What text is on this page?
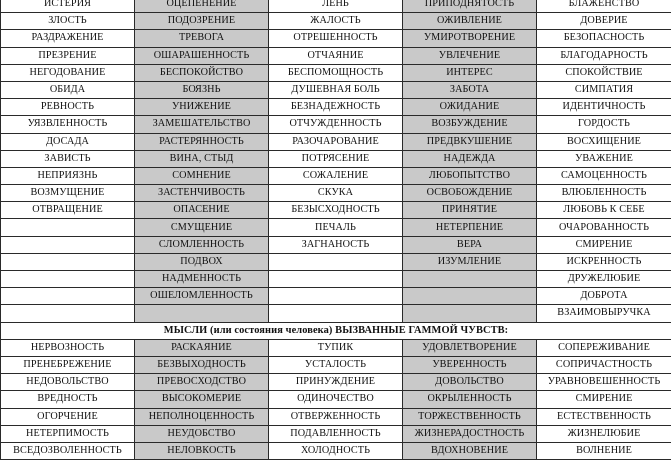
ИСТЕРИЯ	ОЦЕПЕНЕНИЕ	ЛЕНЬ	ПРИПОДНЯТОСТЬ	БЛАЖЕНСТВО
ЗЛОСТЬ	ПОДОЗРЕНИЕ	ЖАЛОСТЬ	ОЖИВЛЕНИЕ	ДОВЕРИЕ
РАЗДРАЖЕНИЕ	ТРЕВОГА	ОТРЕШЕННОСТЬ	УМИРОТВОРЕНИЕ	БЕЗОПАСНОСТЬ
ПРЕЗРЕНИЕ	ОШАРАШЕННОСТЬ	ОТЧАЯНИЕ	УВЛЕЧЕНИЕ	БЛАГОДАРНОСТЬ
НЕГОДОВАНИЕ	БЕСПОКОЙСТВО	БЕСПОМОЩНОСТЬ	ИНТЕРЕС	СПОКОЙСТВИЕ
ОБИДА	БОЯЗНЬ	ДУШЕВНАЯ БОЛЬ	ЗАБОТА	СИМПАТИЯ
РЕВНОСТЬ	УНИЖЕНИЕ	БЕЗНАДЕЖНОСТЬ	ОЖИДАНИЕ	ИДЕНТИЧНОСТЬ
УЯЗВЛЕННОСТЬ	ЗАМЕШАТЕЛЬСТВО	ОТЧУЖДЕННОСТЬ	ВОЗБУЖДЕНИЕ	ГОРДОСТЬ
ДОСАДА	РАСТЕРЯННОСТЬ	РАЗОЧАРОВАНИЕ	ПРЕДВКУШЕНИЕ	ВОСХИЩЕНИЕ
ЗАВИСТЬ	ВИНА, СТЫД	ПОТРЯСЕНИЕ	НАДЕЖДА	УВАЖЕНИЕ
НЕПРИЯЗНЬ	СОМНЕНИЕ	СОЖАЛЕНИЕ	ЛЮБОПЫТСТВО	САМОЦЕННОСТЬ
ВОЗМУЩЕНИЕ	ЗАСТЕНЧИВОСТЬ	СКУКА	ОСВОБОЖДЕНИЕ	ВЛЮБЛЕННОСТЬ
ОТВРАЩЕНИЕ	ОПАСЕНИЕ	БЕЗЫСХОДНОСТЬ	ПРИНЯТИЕ	ЛЮБОВЬ К СЕБЕ
	СМУЩЕНИЕ	ПЕЧАЛЬ	НЕТЕРПЕНИЕ	ОЧАРОВАННОСТЬ
	СЛОМЛЕННОСТЬ	ЗАГНАНОСТЬ	ВЕРА	СМИРЕНИЕ
	ПОДВОХ		ИЗУМЛЕНИЕ	ИСКРЕННОСТЬ
	НАДМЕННОСТЬ			ДРУЖЕЛЮБИЕ
	ОШЕЛОМЛЕННОСТЬ			ДОБРОТА
				ВЗАИМОВЫРУЧКА
МЫСЛИ (или состояния человека) ВЫЗВАННЫЕ ГАММОЙ ЧУВСТВ:				
НЕРВОЗНОСТЬ	РАСКАЯНИЕ	ТУПИК	УДОВЛЕТВОРЕНИЕ	СОПЕРЕЖИВАНИЕ
ПРЕНЕБРЕЖЕНИЕ	БЕЗВЫХОДНОСТЬ	УСТАЛОСТЬ	УВЕРЕННОСТЬ	СОПРИЧАСТНОСТЬ
НЕДОВОЛЬСТВО	ПРЕВОСХОДСТВО	ПРИНУЖДЕНИЕ	ДОВОЛЬСТВО	УРАВНОВЕШЕННОСТЬ
ВРЕДНОСТЬ	ВЫСОКОМЕРИЕ	ОДИНОЧЕСТВО	ОКРЫЛЕННОСТЬ	СМИРЕНИЕ
ОГОРЧЕНИЕ	НЕПОЛНОЦЕННОСТЬ	ОТВЕРЖЕННОСТЬ	ТОРЖЕСТВЕННОСТЬ	ЕСТЕСТВЕННОСТЬ
НЕТЕРПИМОСТЬ	НЕУДОБСТВО	ПОДАВЛЕННОСТЬ	ЖИЗНЕРАДОСТНОСТЬ	ЖИЗНЕЛЮБИЕ
ВСЕДОЗВОЛЕННОСТЬ	НЕЛОВКОСТЬ	ХОЛОДНОСТЬ	ВДОХНОВЕНИЕ	ВОЛНЕНИЕ
